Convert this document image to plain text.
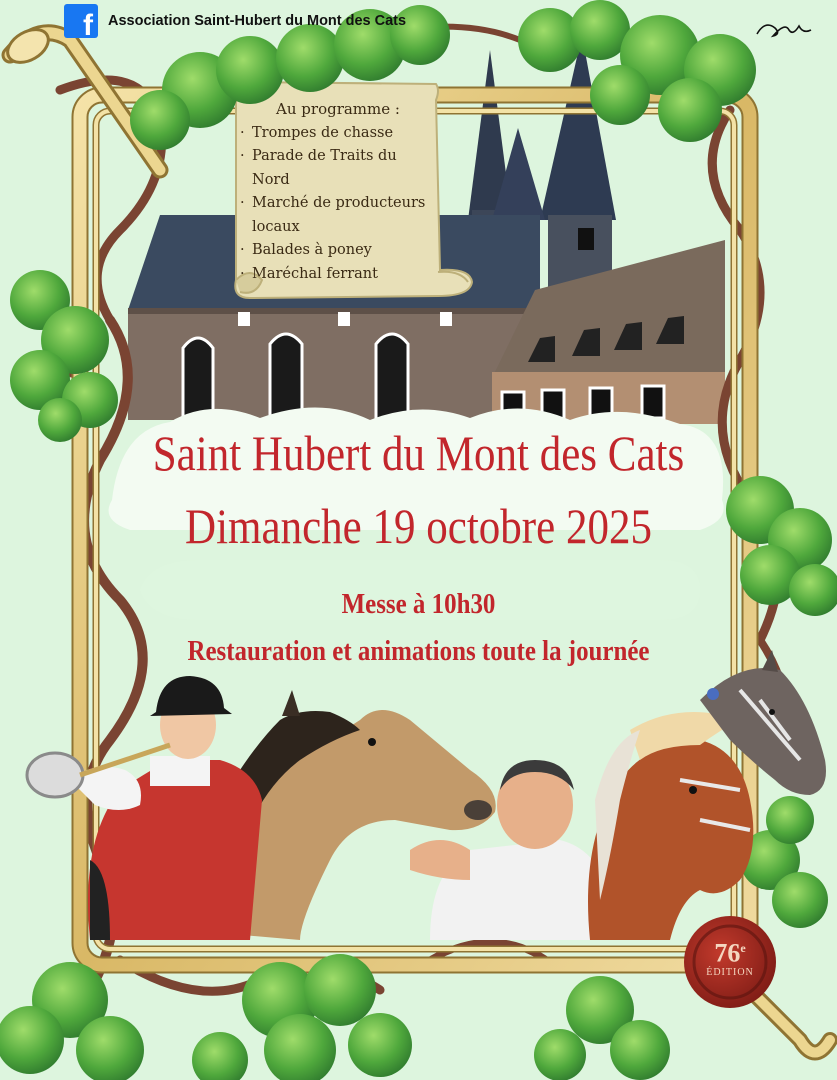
f Association Saint-Hubert du Mont des Cats
Au programme :
· Trompes de chasse
· Parade de Traits du Nord
· Marché de producteurs locaux
· Balades à poney
· Maréchal ferrant
Saint Hubert du Mont des Cats
Dimanche 19 octobre 2025
Messe à 10h30
Restauration et animations toute la journée
76e
ÉDITION
